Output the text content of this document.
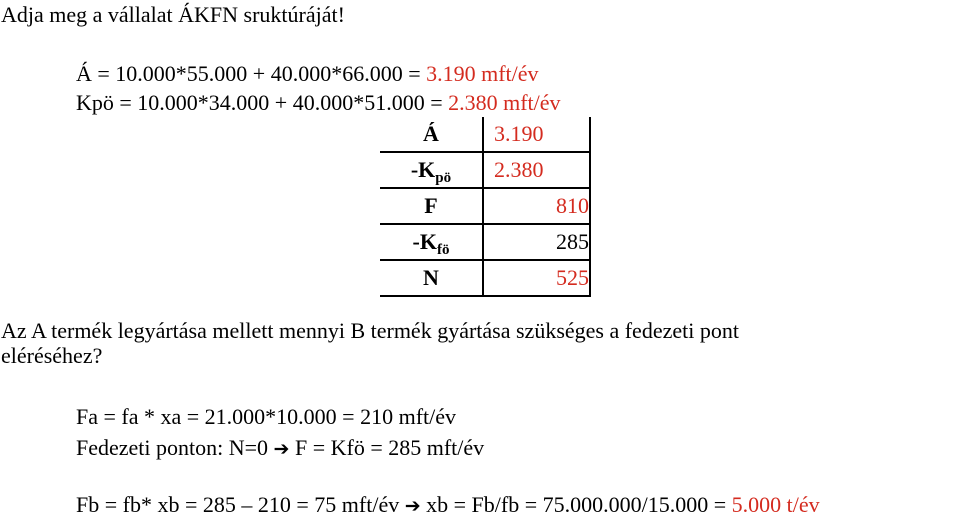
Adja meg a vállalat ÁKFN sruktúráját!
Á = 10.000*55.000 + 40.000*66.000 = 3.190 mft/év
Kpö = 10.000*34.000 + 40.000*51.000 = 2.380 mft/év
Á	3.190
$-K_{pö}$	2.380
F	810
$-K_{fö}$	285
N	525
Az A termék legyártása mellett mennyi B termék gyártása szükséges a fedezeti pont
eléréséhez?
Fa = fa * xa = 21.000*10.000 = 210 mft/év
Fedezeti ponton: N=0 ➔ F = Kfö = 285 mft/év
Fb = fb* xb = 285 – 210 = 75 mft/év ➔ xb = Fb/fb = 75.000.000/15.000 = 5.000 t/év
